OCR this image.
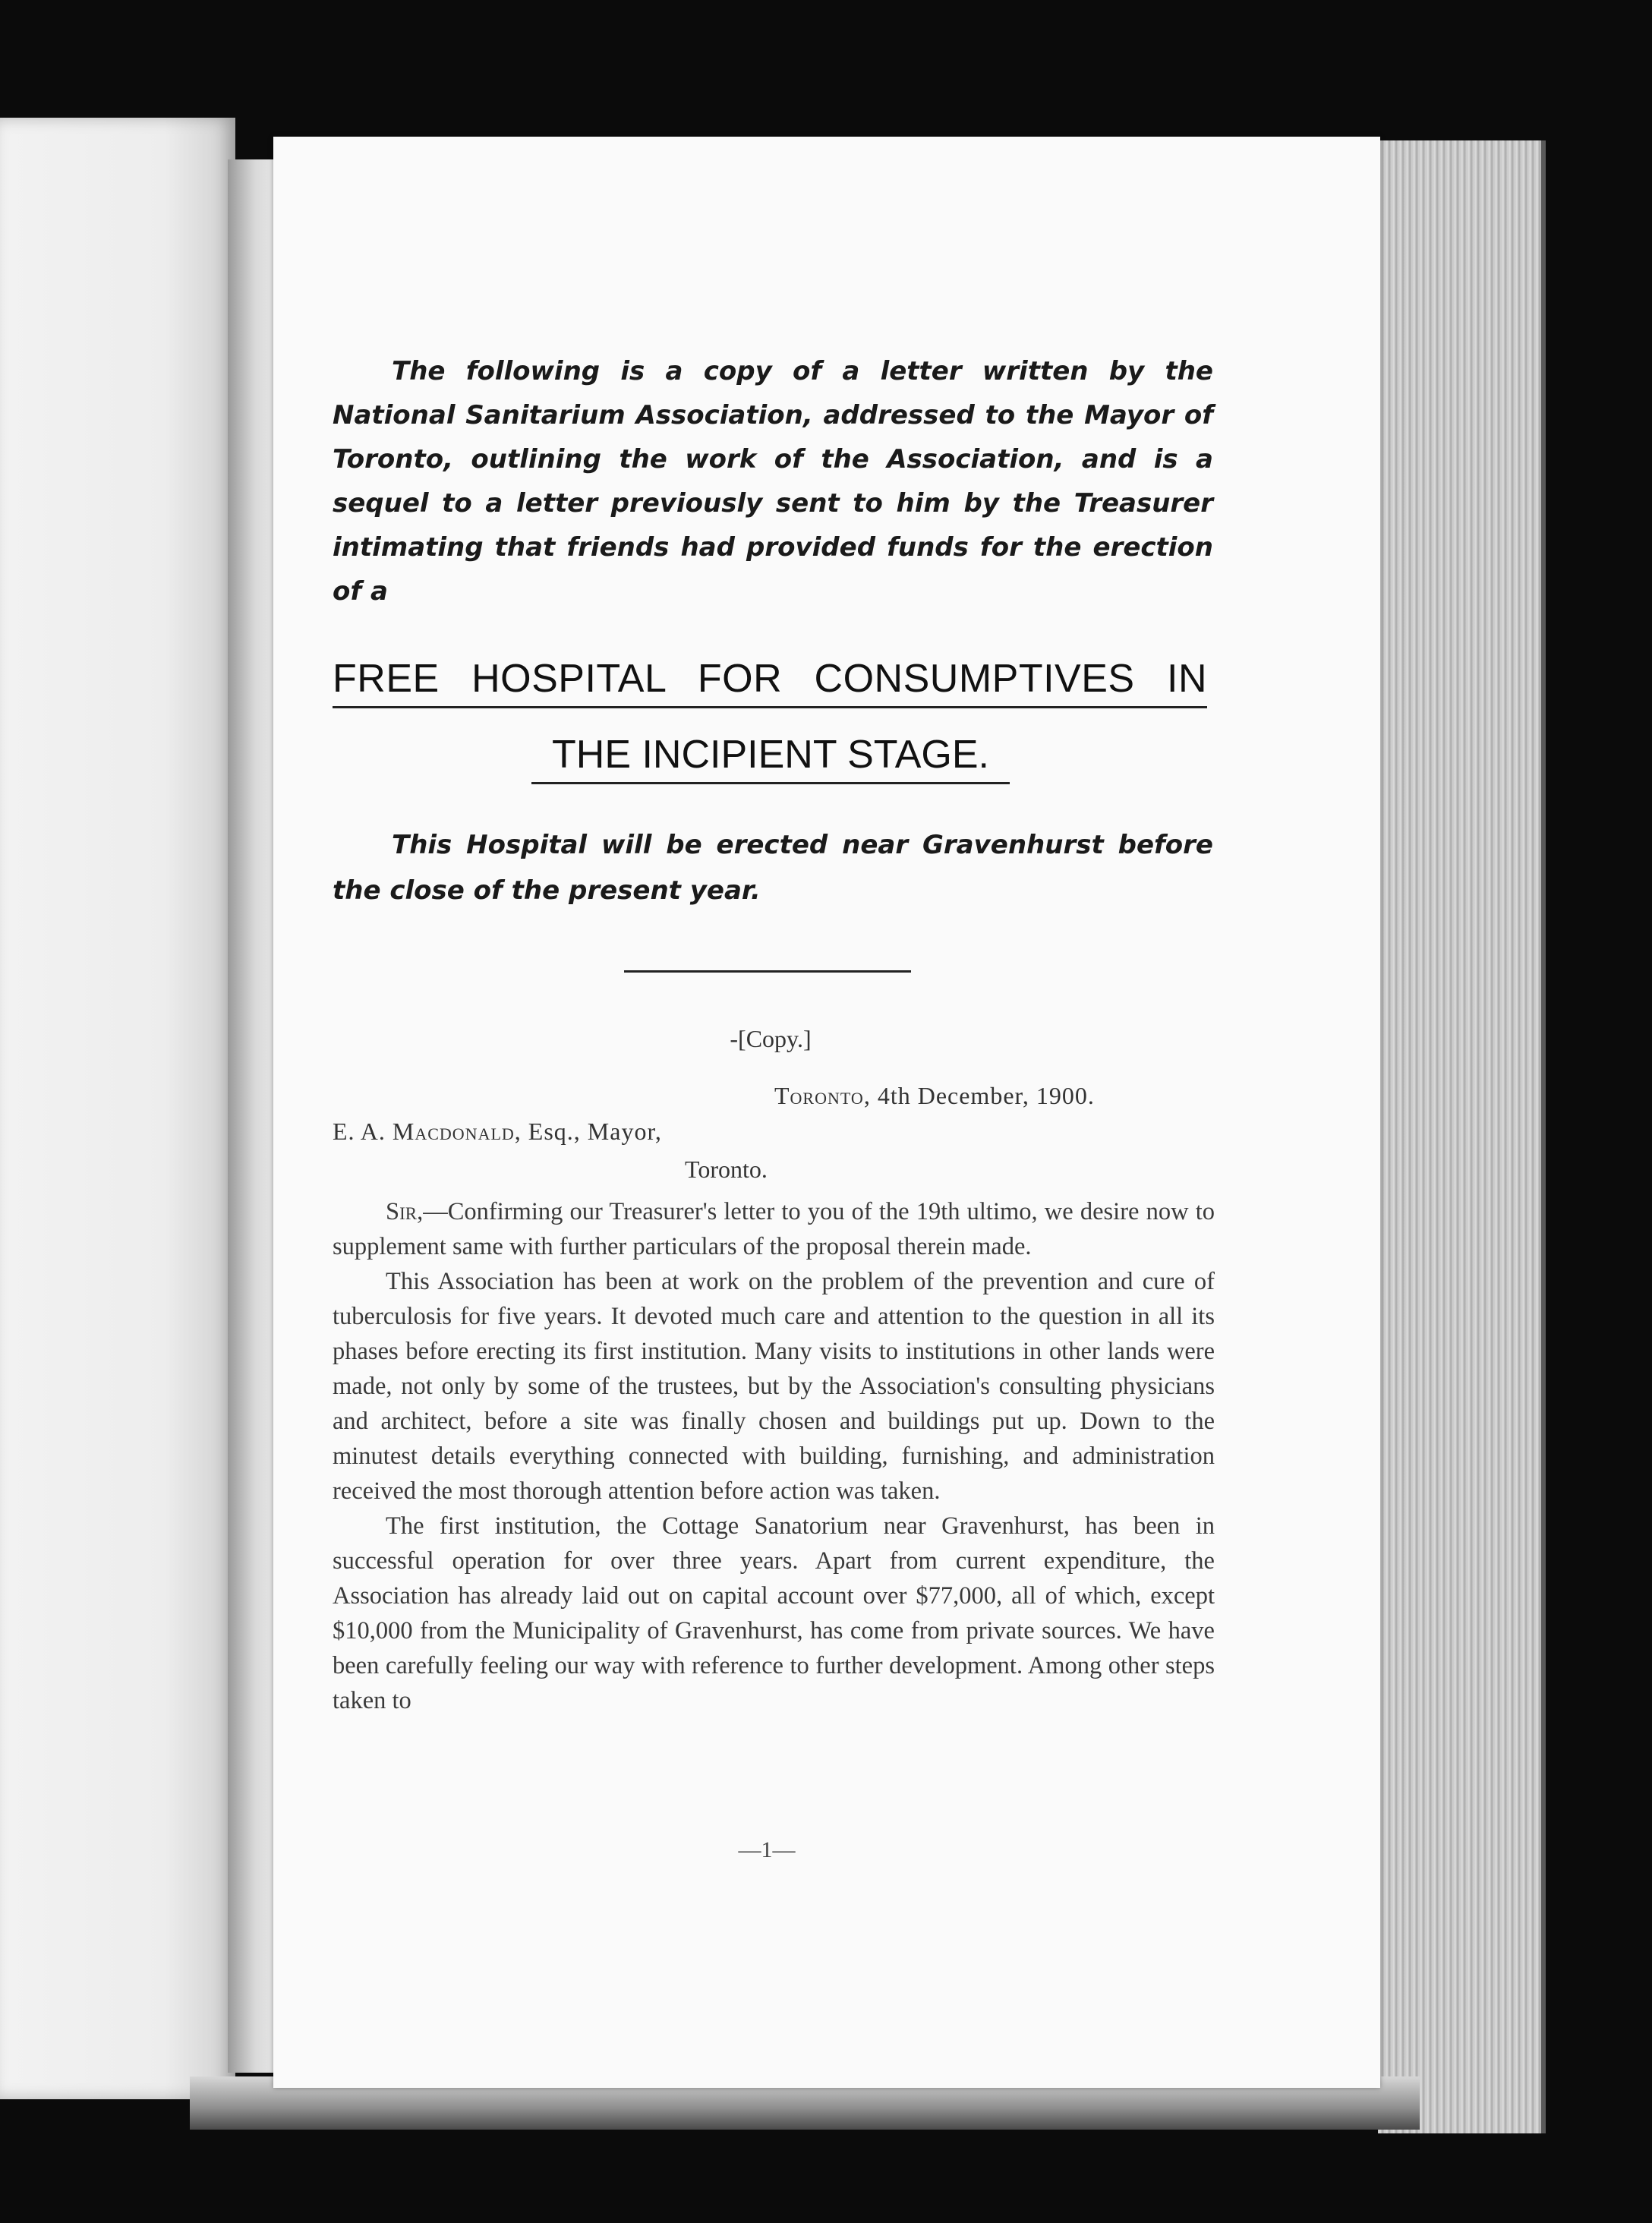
The following is a copy of a letter written by the National Sanitarium Association, addressed to the Mayor of Toronto, outlining the work of the Association, and is a sequel to a letter previously sent to him by the Treasurer intimating that friends had provided funds for the erection of a

FREE HOSPITAL FOR CONSUMPTIVES IN

THE INCIPIENT STAGE.

This Hospital will be erected near Gravenhurst before the close of the present year.

-[Copy.]

Toronto, 4th December, 1900.

E. A. Macdonald, Esq., Mayor,

Toronto.

Sir,—Confirming our Treasurer's letter to you of the 19th ultimo, we desire now to supplement same with further particulars of the proposal therein made.

This Association has been at work on the problem of the prevention and cure of tuberculosis for five years. It devoted much care and attention to the question in all its phases before erecting its first institution. Many visits to institutions in other lands were made, not only by some of the trustees, but by the Association's consulting physicians and architect, before a site was finally chosen and buildings put up. Down to the minutest details everything connected with building, furnishing, and administration received the most thorough attention before action was taken.

The first institution, the Cottage Sanatorium near Gravenhurst, has been in successful operation for over three years. Apart from current expenditure, the Association has already laid out on capital account over $77,000, all of which, except $10,000 from the Municipality of Gravenhurst, has come from private sources. We have been carefully feeling our way with reference to further development. Among other steps taken to

—1—
